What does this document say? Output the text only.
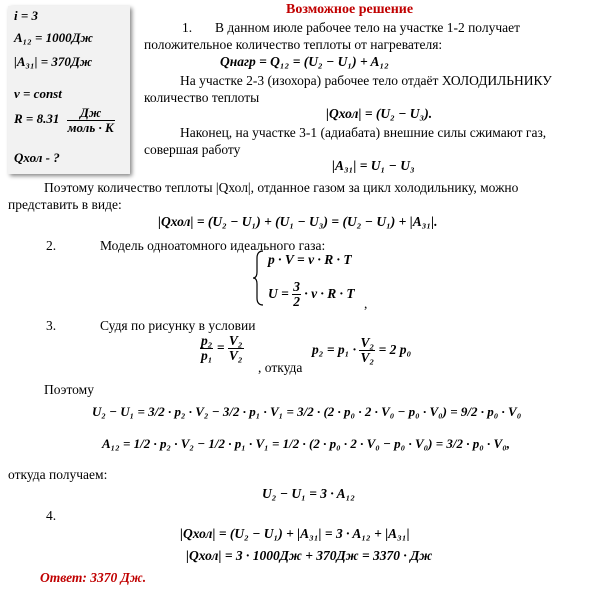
i = 3
A₁₂ = 1000Дж
|A₃₁| = 370Дж
ν = const
$R = 8.31 \frac{Дж}{\text{моль · K}}$
Qхол - ?
Возможное решение
1. В данном июле рабочее тело на участке 1-2 получает
положительное количество теплоты от нагревателя:
Qнагр = Q₁₂ = (U₂ − U₁) + A₁₂
На участке 2-3 (изохора) рабочее тело отдаёт ХОЛОДИЛЬНИКУ
количество теплоты
|Qхол| = (U₂ − U₃).
Наконец, на участке 3-1 (адиабата) внешние силы сжимают газ,
совершая работу
|A₃₁| = U₁ − U₃
Поэтому количество теплоты |Qхол|, отданное газом за цикл холодильнику, можно
представить в виде:
|Qхол| = (U₂ − U₁) + (U₁ − U₃) = (U₂ − U₁) + |A₃₁|.
2.	Модель одноатомного идеального газа:
p · V = ν · R · T
$U = \frac{3}{2} \cdot \nu \cdot R \cdot T$
,
3.	Судя по рисунку в условии
$\frac{\text{p₂}}{\text{p₁}} = \frac{\text{V₂}}{\text{V₂}}$
, откуда
$p_2 = p_1 \cdot \frac{\text{V₂}}{\text{V₂}} = 2$ p₀
Поэтому
U₂ − U₁ = 3/2 · p₂ · V₂ − 3/2 · p₁ · V₁ = 3/2 · (2 · p₀ · 2 · V₀ − p₀ · V₀) = 9/2 · p₀ · V₀
A₁₂ = 1/2 · p₂ · V₂ − 1/2 · p₁ · V₁ = 1/2 · (2 · p₀ · 2 · V₀ − p₀ · V₀) = 3/2 · p₀ · V₀,
откуда получаем:
U₂ − U₁ = 3 · A₁₂
4.
|Qхол| = (U₂ − U₁) + |A₃₁| = 3 · A₁₂ + |A₃₁|
|Qхол| = 3 · 1000Дж + 370Дж = 3370 · Дж
Ответ: 3370 Дж.
